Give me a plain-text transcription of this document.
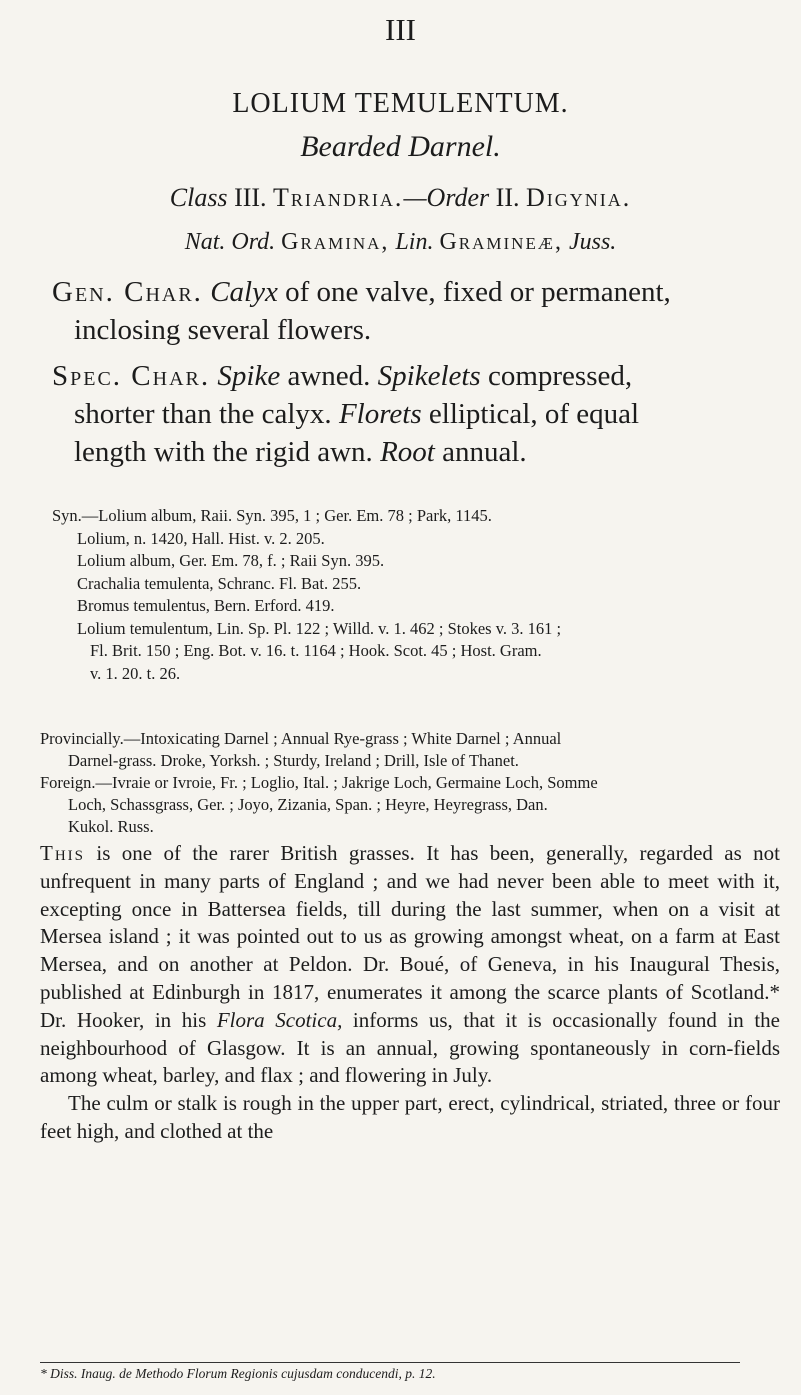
III
LOLIUM TEMULENTUM.
Bearded Darnel.
Class III. Triandria.—Order II. Digynia.
Nat. Ord. Gramina, Lin. Gramineæ, Juss.
Gen. Char. Calyx of one valve, fixed or permanent,
inclosing several flowers.
Spec. Char. Spike awned. Spikelets compressed,
shorter than the calyx. Florets elliptical, of equal
length with the rigid awn. Root annual.
Syn.—Lolium album, Raii. Syn. 395, 1 ; Ger. Em. 78 ; Park, 1145.
Lolium, n. 1420, Hall. Hist. v. 2. 205.
Lolium album, Ger. Em. 78, f. ; Raii Syn. 395.
Crachalia temulenta, Schranc. Fl. Bat. 255.
Bromus temulentus, Bern. Erford. 419.
Lolium temulentum, Lin. Sp. Pl. 122 ; Willd. v. 1. 462 ; Stokes v. 3. 161 ;
Fl. Brit. 150 ; Eng. Bot. v. 16. t. 1164 ; Hook. Scot. 45 ; Host. Gram.
v. 1. 20. t. 26.
Provincially.—Intoxicating Darnel ; Annual Rye-grass ; White Darnel ; Annual
Darnel-grass. Droke, Yorksh. ; Sturdy, Ireland ; Drill, Isle of Thanet.
Foreign.—Ivraie or Ivroie, Fr. ; Loglio, Ital. ; Jakrige Loch, Germaine Loch, Somme
Loch, Schassgrass, Ger. ; Joyo, Zizania, Span. ; Heyre, Heyregrass, Dan.
Kukol. Russ.

This is one of the rarer British grasses. It has been, generally, regarded as not unfrequent in many parts of England ; and we had never been able to meet with it, excepting once in Battersea fields, till during the last summer, when on a visit at Mersea island ; it was pointed out to us as growing amongst wheat, on a farm at East Mersea, and on another at Peldon. Dr. Boué, of Geneva, in his Inaugural Thesis, published at Edinburgh in 1817, enumerates it among the scarce plants of Scotland.* Dr. Hooker, in his Flora Scotica, informs us, that it is occasionally found in the neighbourhood of Glasgow. It is an annual, growing spontaneously in corn-fields among wheat, barley, and flax ; and flowering in July.

The culm or stalk is rough in the upper part, erect, cylindrical, striated, three or four feet high, and clothed at the

* Diss. Inaug. de Methodo Florum Regionis cujusdam conducendi, p. 12.
